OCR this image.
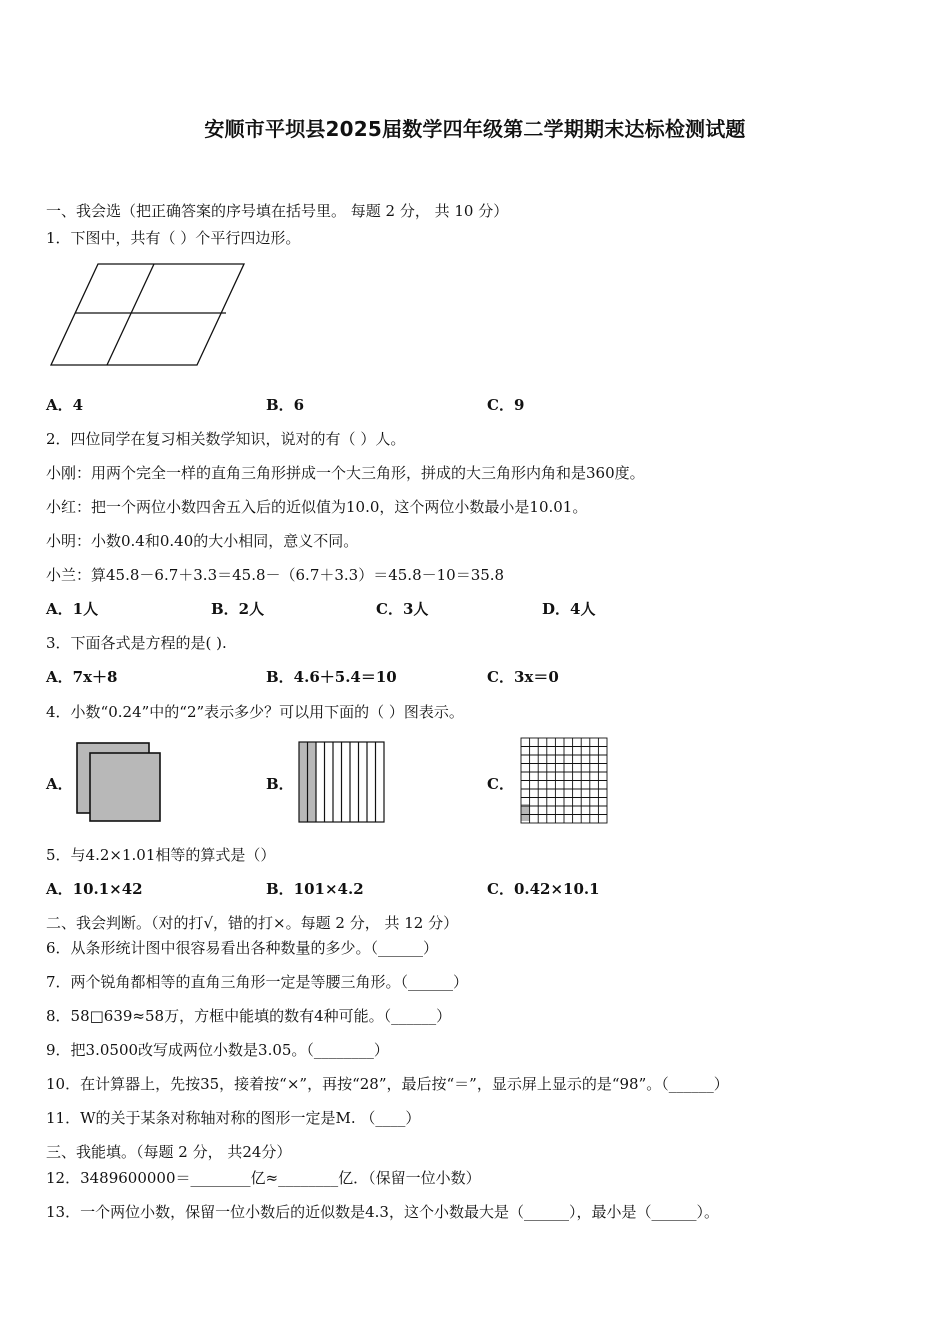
安顺市平坝县2025届数学四年级第二学期期末达标检测试题
一、我会选（把正确答案的序号填在括号里。 每题 2 分， 共 10 分）
1．下图中，共有（ ）个平行四边形。
A．4	B．6	C．9
2．四位同学在复习相关数学知识，说对的有（ ）人。
小刚：用两个完全一样的直角三角形拼成一个大三角形，拼成的大三角形内角和是360度。
小红：把一个两位小数四舍五入后的近似值为10.0，这个两位小数最小是10.01。
小明：小数0.4和0.40的大小相同，意义不同。
小兰：算45.8－6.7＋3.3＝45.8－（6.7＋3.3）＝45.8－10＝35.8
A．1人	B．2人	C．3人	D．4人
3．下面各式是方程的是( ).
A．7x＋8	B．4.6＋5.4＝10	C．3x＝0
4．小数“0.24”中的“2”表示多少？可以用下面的（ ）图表示。
A．	B．	C．
5．与4.2×1.01相等的算式是（）
A．10.1×42	B．101×4.2	C．0.42×10.1
二、我会判断。（对的打√，错的打×。每题 2 分， 共 12 分）
6．从条形统计图中很容易看出各种数量的多少。（______）
7．两个锐角都相等的直角三角形一定是等腰三角形。（______）
8．58□639≈58万，方框中能填的数有4种可能。（______）
9．把3.0500改写成两位小数是3.05。（________）
10．在计算器上，先按35，接着按“×”，再按“28”，最后按“＝”，显示屏上显示的是“98”。（______）
11．W的关于某条对称轴对称的图形一定是M. （____）
三、我能填。（每题 2 分， 共24分）
12．3489600000＝________亿≈________亿．（保留一位小数）
13．一个两位小数，保留一位小数后的近似数是4.3，这个小数最大是（______），最小是（______）。
